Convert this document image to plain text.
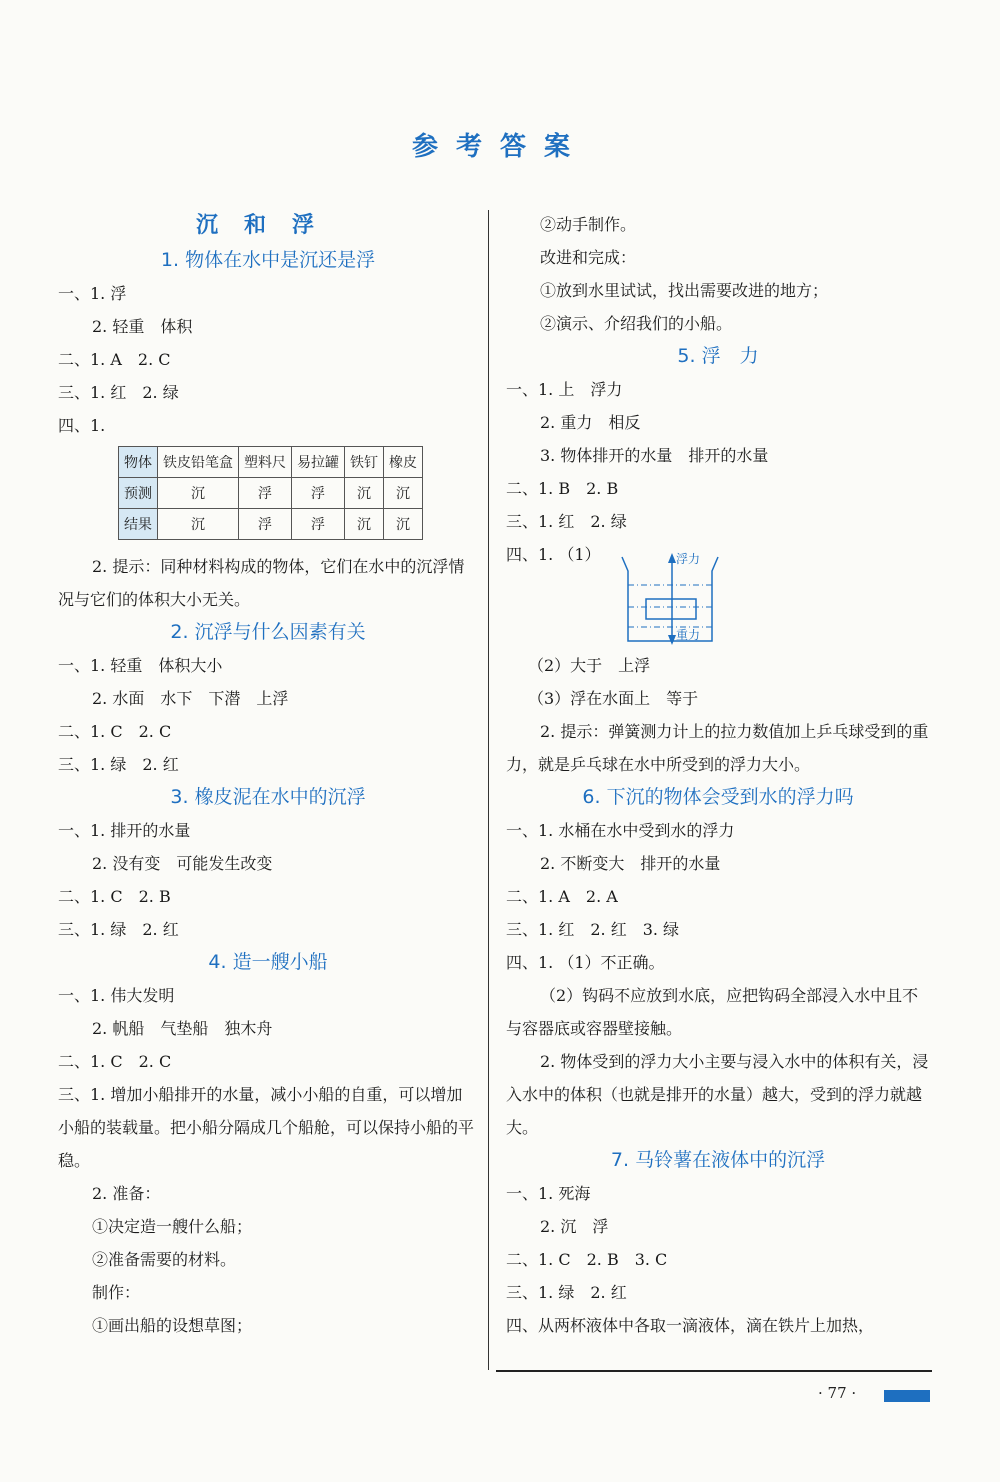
参考答案
沉和浮
1. 物体在水中是沉还是浮
一、1. 浮
2. 轻重　体积
二、1. A　2. C
三、1. 红　2. 绿
四、1.
物体	铁皮铅笔盒	塑料尺	易拉罐	铁钉	橡皮
预测	沉	浮	浮	沉	沉
结果	沉	浮	浮	沉	沉
2. 提示：同种材料构成的物体，它们在水中的沉浮情况与它们的体积大小无关。
2. 沉浮与什么因素有关
一、1. 轻重　体积大小
2. 水面　水下　下潜　上浮
二、1. C　2. C
三、1. 绿　2. 红
3. 橡皮泥在水中的沉浮
一、1. 排开的水量
2. 没有变　可能发生改变
二、1. C　2. B
三、1. 绿　2. 红
4. 造一艘小船
一、1. 伟大发明
2. 帆船　气垫船　独木舟
二、1. C　2. C
三、1. 增加小船排开的水量，减小小船的自重，可以增加小船的装载量。把小船分隔成几个船舱，可以保持小船的平稳。
2. 准备：
①决定造一艘什么船；
②准备需要的材料。
制作：
①画出船的设想草图；
②动手制作。
改进和完成：
①放到水里试试，找出需要改进的地方；
②演示、介绍我们的小船。
5. 浮　力
一、1. 上　浮力
2. 重力　相反
3. 物体排开的水量　排开的水量
二、1. B　2. B
三、1. 红　2. 绿
四、1. （1）	浮力
重力
（2）大于　上浮
（3）浮在水面上　等于
2. 提示：弹簧测力计上的拉力数值加上乒乓球受到的重力，就是乒乓球在水中所受到的浮力大小。
6. 下沉的物体会受到水的浮力吗
一、1. 水桶在水中受到水的浮力
2. 不断变大　排开的水量
二、1. A　2. A
三、1. 红　2. 红　3. 绿
四、1. （1）不正确。
（2）钩码不应放到水底，应把钩码全部浸入水中且不与容器底或容器壁接触。
2. 物体受到的浮力大小主要与浸入水中的体积有关，浸入水中的体积（也就是排开的水量）越大，受到的浮力就越大。
7. 马铃薯在液体中的沉浮
一、1. 死海
2. 沉　浮
二、1. C　2. B　3. C
三、1. 绿　2. 红
四、从两杯液体中各取一滴液体，滴在铁片上加热，
· 77 ·
